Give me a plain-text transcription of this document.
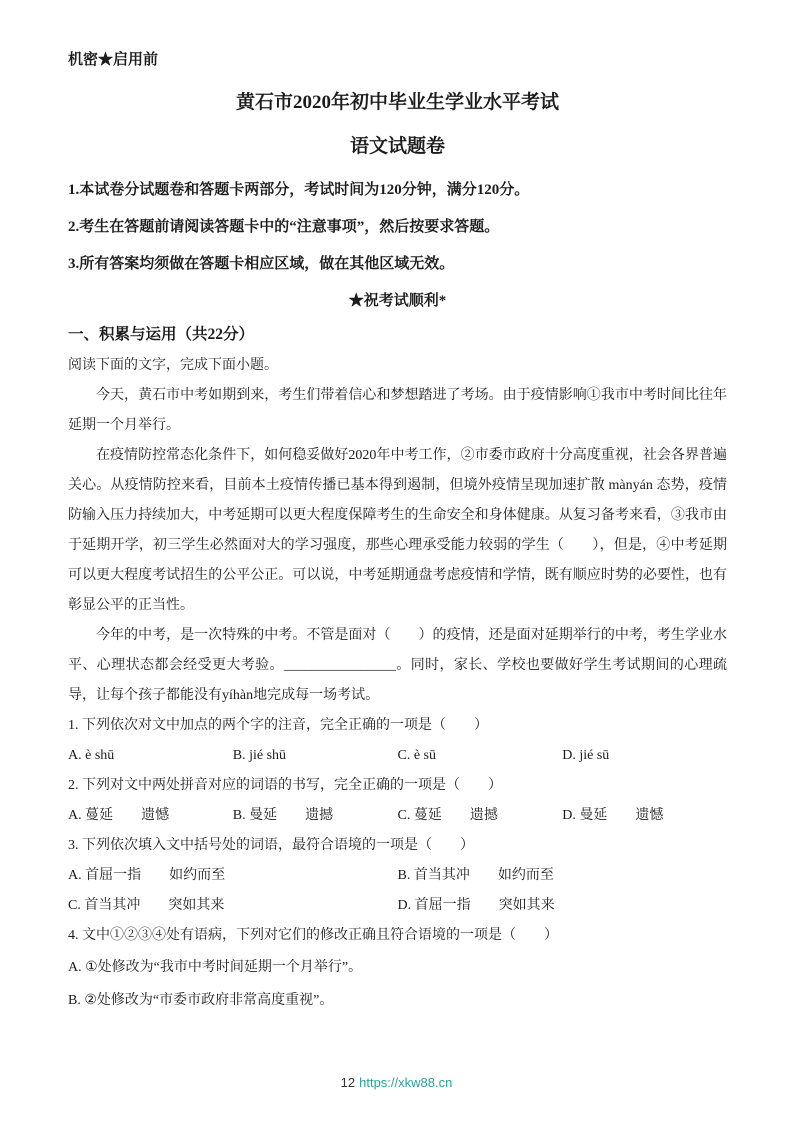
机密★启用前
黄石市2020年初中毕业生学业水平考试
语文试题卷
1.本试卷分试题卷和答题卡两部分，考试时间为120分钟，满分120分。
2.考生在答题前请阅读答题卡中的“注意事项”，然后按要求答题。
3.所有答案均须做在答题卡相应区域，做在其他区域无效。
★祝考试顺利*
一、积累与运用（共22分）
阅读下面的文字，完成下面小题。

今天，黄石市中考如期到来，考生们带着信心和梦想踏进了考场。由于疫情影响①我市中考时间比往年延期一个月举行。

在疫情防控常态化条件下，如何稳妥做好2020年中考工作，②市委市政府十分高度重视，社会各界普遍关心。从疫情防控来看，目前本土疫情传播已基本得到遏制，但境外疫情呈现加速扩散 mànyán 态势，疫情防输入压力持续加大，中考延期可以更大程度保障考生的生命安全和身体健康。从复习备考来看，③我市由于延期开学，初三学生必然面对大的学习强度，那些心理承受能力较弱的学生（　　），但是，④中考延期可以更大程度考试招生的公平公正。可以说，中考延期通盘考虑疫情和学情，既有顺应时势的必要性，也有彰显公平的正当性。

今年的中考，是一次特殊的中考。不管是面对（　　）的疫情，还是面对延期举行的中考，考生学业水平、心理状态都会经受更大考验。________________。同时，家长、学校也要做好学生考试期间的心理疏导，让每个孩子都能没有yíhàn地完成每一场考试。

1. 下列依次对文中加点的两个字的注音，完全正确的一项是（　　）
A. è shū	B. jié shū	C. è sū	D. jié sū
2. 下列对文中两处拼音对应的词语的书写，完全正确的一项是（　　）
A. 蔓延　　遗憾	B. 曼延　　遗撼	C. 蔓延　　遗撼	D. 曼延　　遗憾
3. 下列依次填入文中括号处的词语，最符合语境的一项是（　　）
A. 首屈一指　　如约而至	B. 首当其冲　　如约而至
C. 首当其冲　　突如其来	D. 首屈一指　　突如其来
4. 文中①②③④处有语病，下列对它们的修改正确且符合语境的一项是（　　）
A. ①处修改为“我市中考时间延期一个月举行”。
B. ②处修改为“市委市政府非常高度重视”。
12 https://xkw88.cn
